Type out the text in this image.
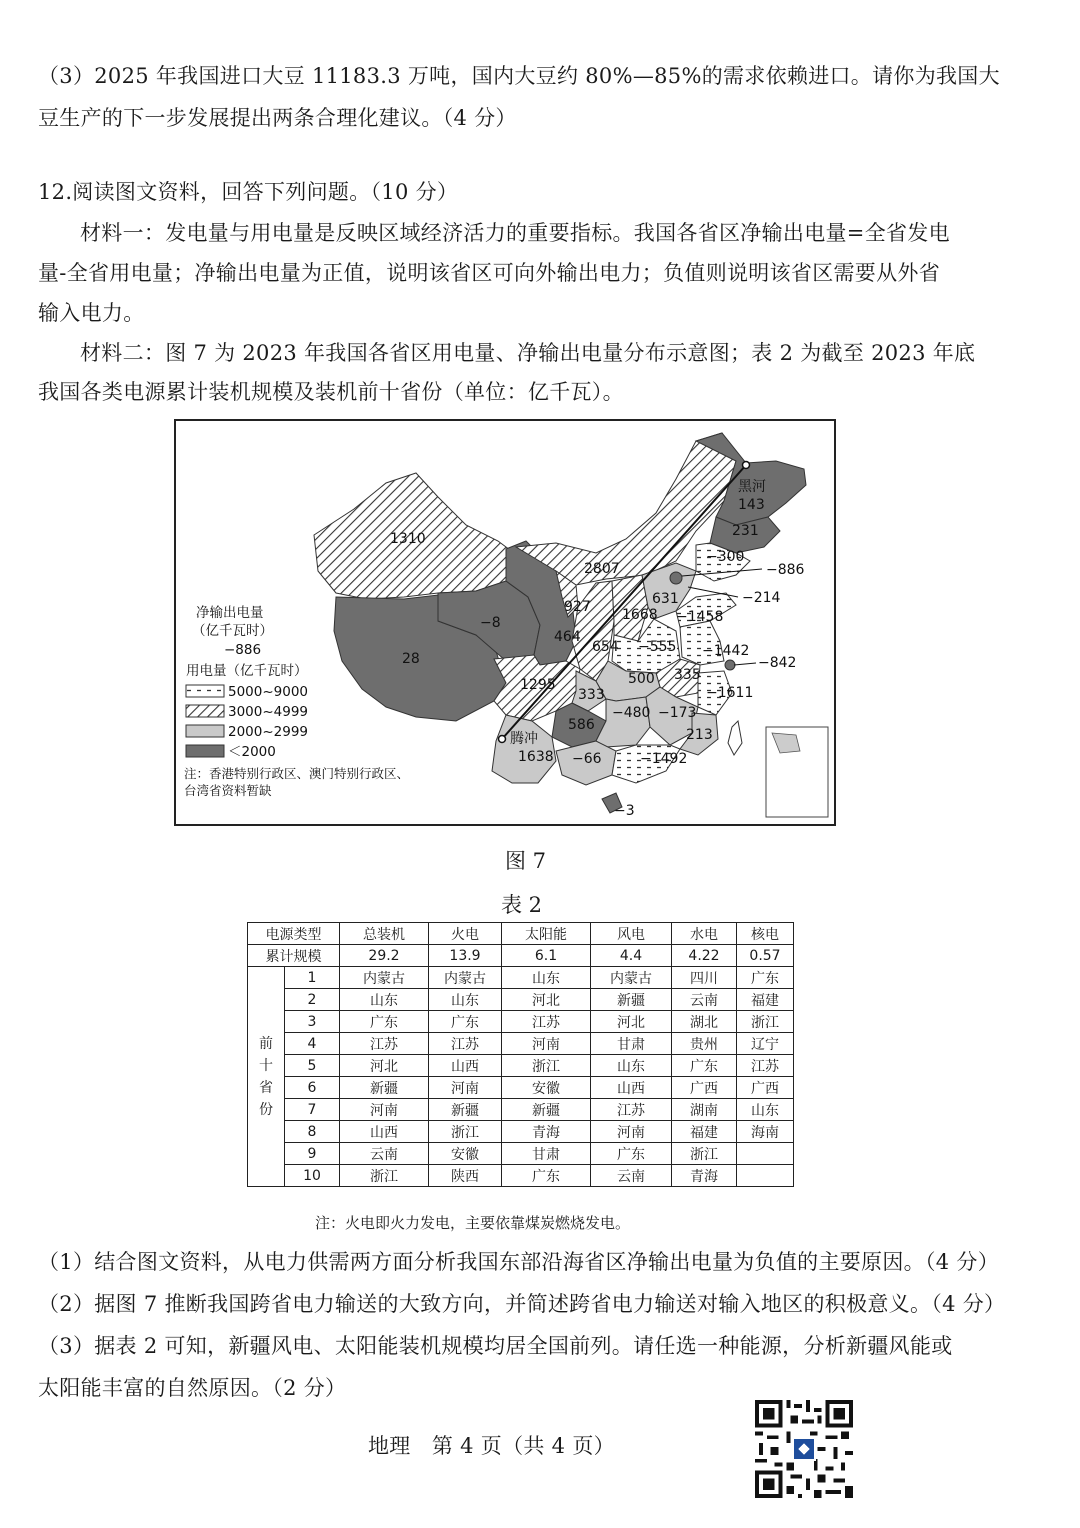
（3）2025 年我国进口大豆 11183.3 万吨，国内大豆约 80%—85%的需求依赖进口。请你为我国大
豆生产的下一步发展提出两条合理化建议。（4 分）
12.阅读图文资料，回答下列问题。（10 分）
材料一：发电量与用电量是反映区域经济活力的重要指标。我国各省区净输出电量=全省发电
量-全省用电量；净输出电量为正值，说明该省区可向外输出电力；负值则说明该省区需要从外省
输入电力。
材料二：图 7 为 2023 年我国各省区用电量、净输出电量分布示意图；表 2 为截至 2023 年底
我国各类电源累计装机规模及装机前十省份（单位：亿千瓦）。
1310
28
−8
2807
143
231
−300
−886
−214
927
464
1668
631
−1458
654 −555 −1442
−842
335
−1611
1295
333
500
586
−480 −173
213
1638 −66	−1492
−3
黑河
腾冲
净输出电量
（亿千瓦时）
−886
用电量（亿千瓦时）
5000~9000
3000~4999
2000~2999
＜2000
注：香港特别行政区、澳门特别行政区、
台湾省资料暂缺
图 7
表 2
电源类型		总装机	火电	太阳能	风电	水电	核电
累计规模		29.2	13.9	6.1	4.4	4.22	0.57
前
十
省
份	1	内蒙古	内蒙古	山东	内蒙古	四川	广东
	2	山东	山东	河北	新疆	云南	福建
	3	广东	广东	江苏	河北	湖北	浙江
	4	江苏	江苏	河南	甘肃	贵州	辽宁
	5	河北	山西	浙江	山东	广东	江苏
	6	新疆	河南	安徽	山西	广西	广西
	7	河南	新疆	新疆	江苏	湖南	山东
	8	山西	浙江	青海	河南	福建	海南
	9	云南	安徽	甘肃	广东	浙江	
	10	浙江	陕西	广东	云南	青海	
注：火电即火力发电，主要依靠煤炭燃烧发电。
（1）结合图文资料，从电力供需两方面分析我国东部沿海省区净输出电量为负值的主要原因。（4 分）
（2）据图 7 推断我国跨省电力输送的大致方向，并简述跨省电力输送对输入地区的积极意义。（4 分）
（3）据表 2 可知，新疆风电、太阳能装机规模均居全国前列。请任选一种能源，分析新疆风能或
太阳能丰富的自然原因。（2 分）
地理　第 4 页（共 4 页）
